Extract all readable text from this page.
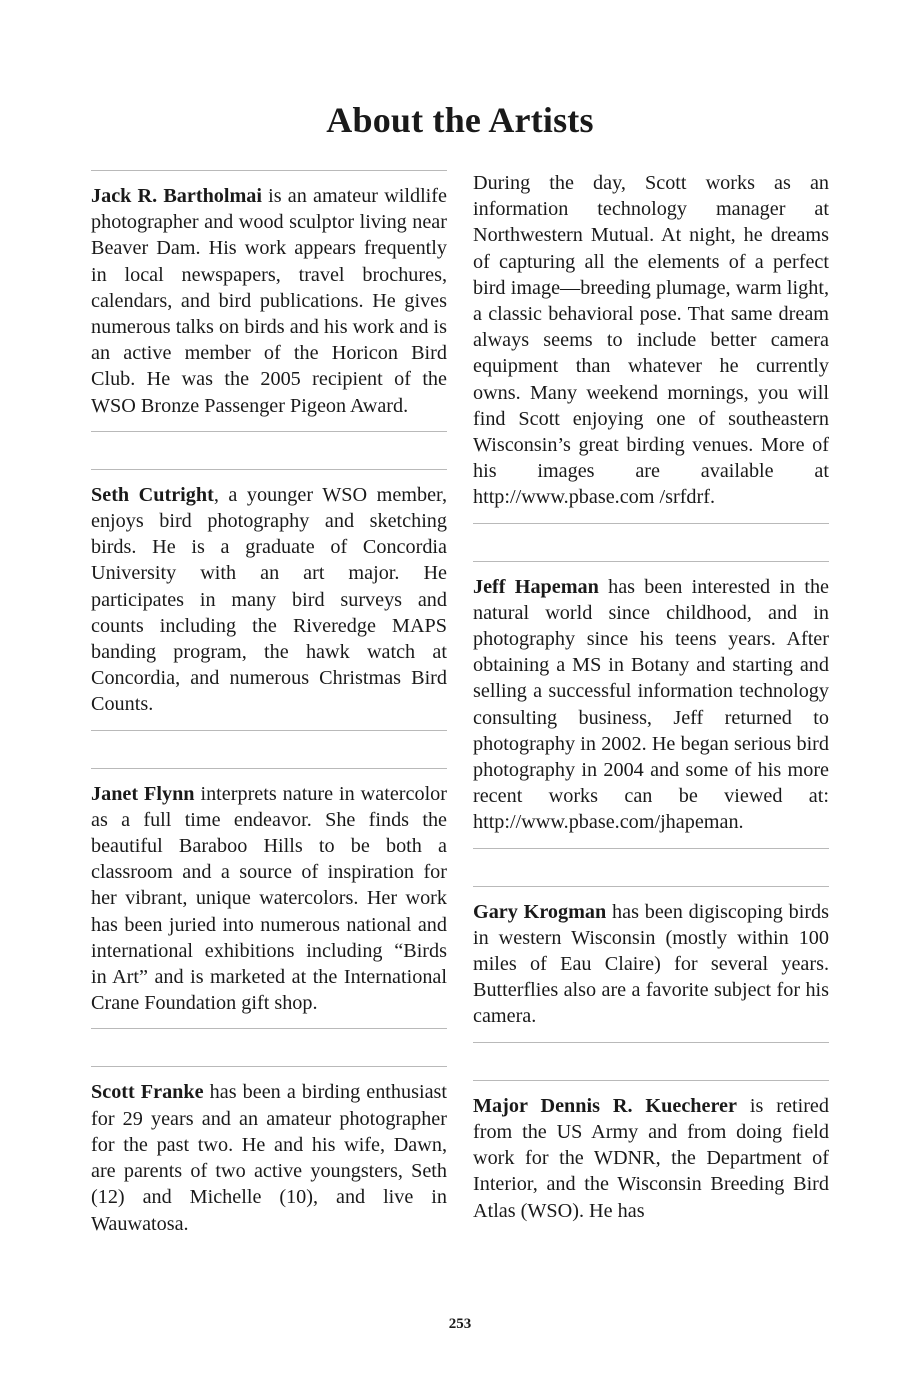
About the Artists

Jack R. Bartholmai is an amateur wildlife photographer and wood sculptor living near Beaver Dam. His work appears frequently in local newspapers, travel brochures, calendars, and bird publications. He gives numerous talks on birds and his work and is an active member of the Horicon Bird Club. He was the 2005 recipient of the WSO Bronze Passenger Pigeon Award.

Seth Cutright, a younger WSO member, enjoys bird photography and sketching birds. He is a graduate of Concordia University with an art major. He participates in many bird surveys and counts including the Riveredge MAPS banding program, the hawk watch at Concordia, and numerous Christmas Bird Counts.

Janet Flynn interprets nature in watercolor as a full time endeavor. She finds the beautiful Baraboo Hills to be both a classroom and a source of inspiration for her vibrant, unique watercolors. Her work has been juried into numerous national and international exhibitions including “Birds in Art” and is marketed at the International Crane Foundation gift shop.

Scott Franke has been a birding enthusiast for 29 years and an amateur photographer for the past two. He and his wife, Dawn, are parents of two active youngsters, Seth (12) and Michelle (10), and live in Wauwatosa.

During the day, Scott works as an information technology manager at Northwestern Mutual. At night, he dreams of capturing all the elements of a perfect bird image—breeding plumage, warm light, a classic behavioral pose. That same dream always seems to include better camera equipment than whatever he currently owns. Many weekend mornings, you will find Scott enjoying one of southeastern Wisconsin’s great birding venues. More of his images are available at http://www.pbase.com /srfdrf.

Jeff Hapeman has been interested in the natural world since childhood, and in photography since his teens years. After obtaining a MS in Botany and starting and selling a successful information technology consulting business, Jeff returned to photography in 2002. He began serious bird photography in 2004 and some of his more recent works can be viewed at: http://www.pbase.com/jhapeman.

Gary Krogman has been digiscoping birds in western Wisconsin (mostly within 100 miles of Eau Claire) for several years. Butterflies also are a favorite subject for his camera.

Major Dennis R. Kuecherer is retired from the US Army and from doing field work for the WDNR, the Department of Interior, and the Wisconsin Breeding Bird Atlas (WSO). He has

253
